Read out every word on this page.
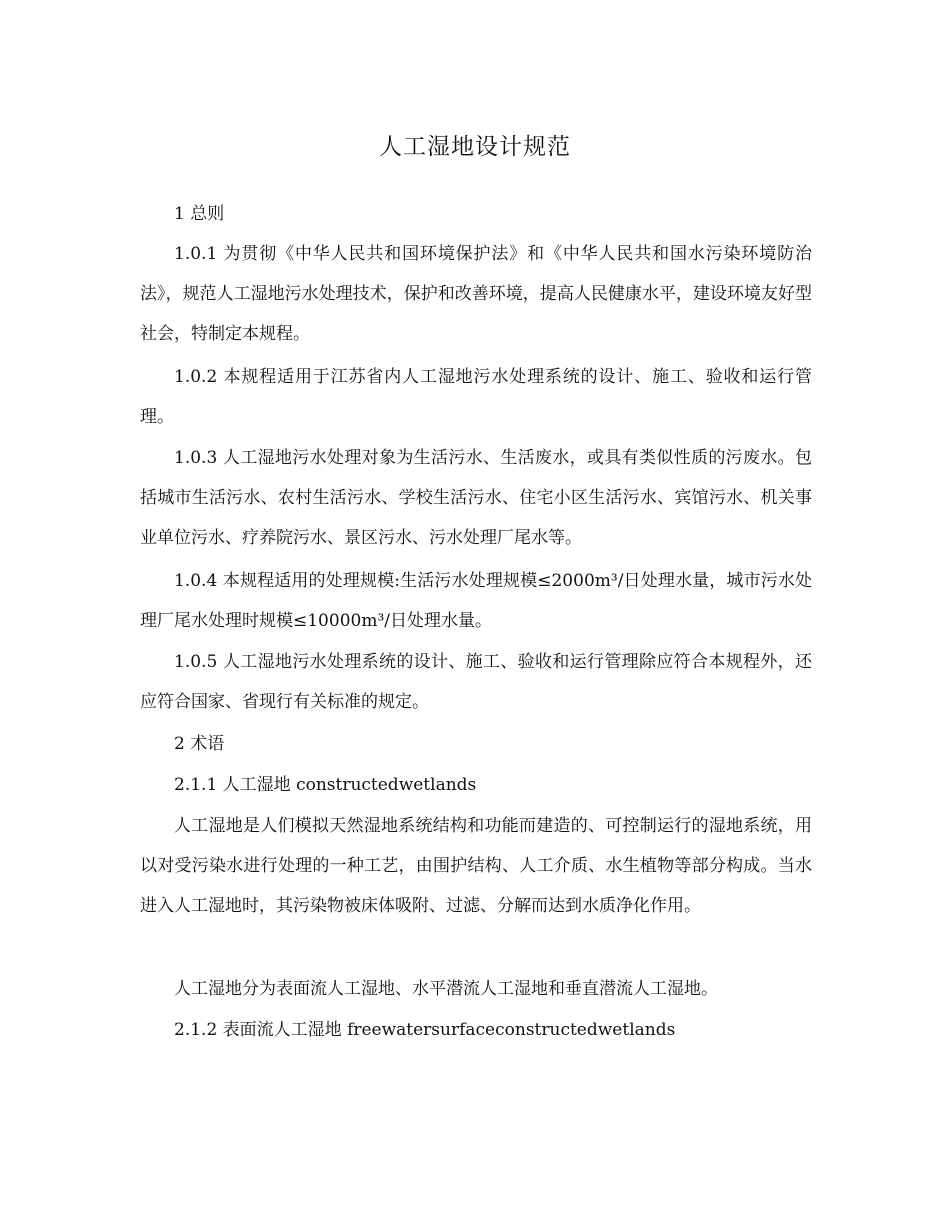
人工湿地设计规范

1 总则

1.0.1 为贯彻《中华人民共和国环境保护法》和《中华人民共和国水污染环境防治法》，规范人工湿地污水处理技术，保护和改善环境，提高人民健康水平，建设环境友好型社会，特制定本规程。

1.0.2 本规程适用于江苏省内人工湿地污水处理系统的设计、施工、验收和运行管理。

1.0.3 人工湿地污水处理对象为生活污水、生活废水，或具有类似性质的污废水。包括城市生活污水、农村生活污水、学校生活污水、住宅小区生活污水、宾馆污水、机关事业单位污水、疗养院污水、景区污水、污水处理厂尾水等。

1.0.4 本规程适用的处理规模:生活污水处理规模≤2000m³/日处理水量，城市污水处理厂尾水处理时规模≤10000m³/日处理水量。

1.0.5 人工湿地污水处理系统的设计、施工、验收和运行管理除应符合本规程外，还应符合国家、省现行有关标准的规定。

2 术语

2.1.1 人工湿地 constructedwetlands

人工湿地是人们模拟天然湿地系统结构和功能而建造的、可控制运行的湿地系统，用以对受污染水进行处理的一种工艺，由围护结构、人工介质、水生植物等部分构成。当水进入人工湿地时，其污染物被床体吸附、过滤、分解而达到水质净化作用。

人工湿地分为表面流人工湿地、水平潜流人工湿地和垂直潜流人工湿地。

2.1.2 表面流人工湿地 freewatersurfaceconstructedwetlands
